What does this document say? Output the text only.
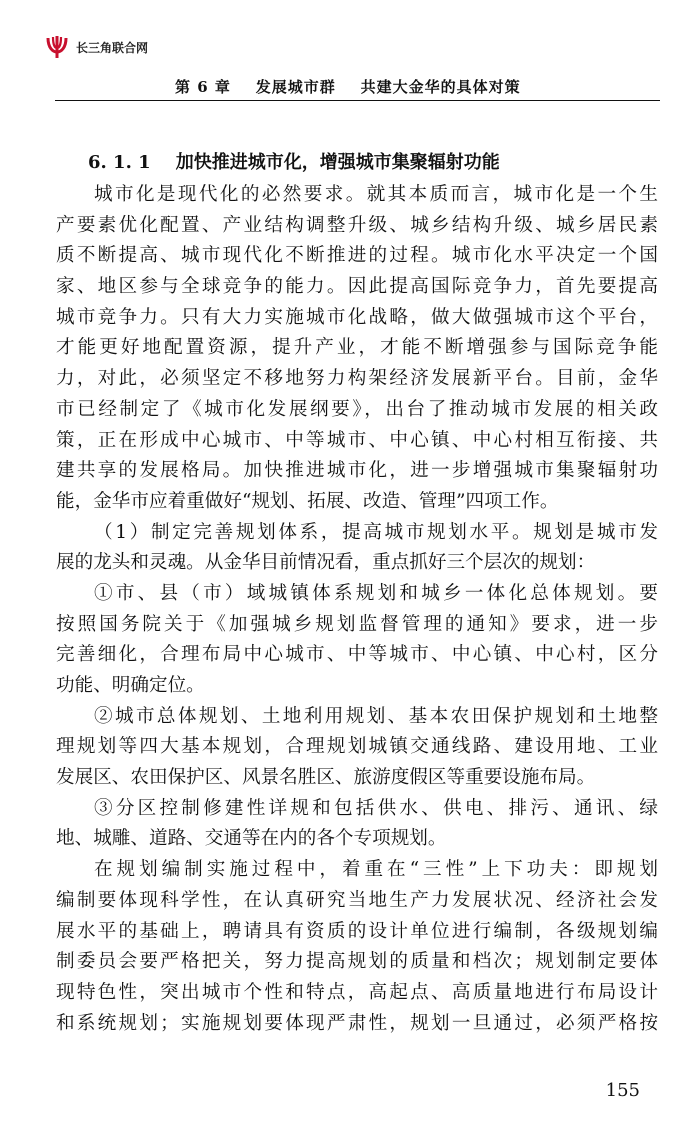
长三角联合网
第 6 章    发展城市群    共建大金华的具体对策
6. 1. 1    加快推进城市化，增强城市集聚辐射功能
城市化是现代化的必然要求。就其本质而言，城市化是一个生
产要素优化配置、产业结构调整升级、城乡结构升级、城乡居民素
质不断提高、城市现代化不断推进的过程。城市化水平决定一个国
家、地区参与全球竞争的能力。因此提高国际竞争力，首先要提高
城市竞争力。只有大力实施城市化战略，做大做强城市这个平台，
才能更好地配置资源，提升产业，才能不断增强参与国际竞争能
力，对此，必须坚定不移地努力构架经济发展新平台。目前，金华
市已经制定了《城市化发展纲要》，出台了推动城市发展的相关政
策，正在形成中心城市、中等城市、中心镇、中心村相互衔接、共
建共享的发展格局。加快推进城市化，进一步增强城市集聚辐射功
能，金华市应着重做好“规划、拓展、改造、管理”四项工作。
（1）制定完善规划体系，提高城市规划水平。规划是城市发
展的龙头和灵魂。从金华目前情况看，重点抓好三个层次的规划：
①市、县（市）域城镇体系规划和城乡一体化总体规划。要
按照国务院关于《加强城乡规划监督管理的通知》要求，进一步
完善细化，合理布局中心城市、中等城市、中心镇、中心村，区分
功能、明确定位。
②城市总体规划、土地利用规划、基本农田保护规划和土地整
理规划等四大基本规划，合理规划城镇交通线路、建设用地、工业
发展区、农田保护区、风景名胜区、旅游度假区等重要设施布局。
③分区控制修建性详规和包括供水、供电、排污、通讯、绿
地、城雕、道路、交通等在内的各个专项规划。
在规划编制实施过程中，着重在“三性”上下功夫：即规划
编制要体现科学性，在认真研究当地生产力发展状况、经济社会发
展水平的基础上，聘请具有资质的设计单位进行编制，各级规划编
制委员会要严格把关，努力提高规划的质量和档次；规划制定要体
现特色性，突出城市个性和特点，高起点、高质量地进行布局设计
和系统规划；实施规划要体现严肃性，规划一旦通过，必须严格按
155
